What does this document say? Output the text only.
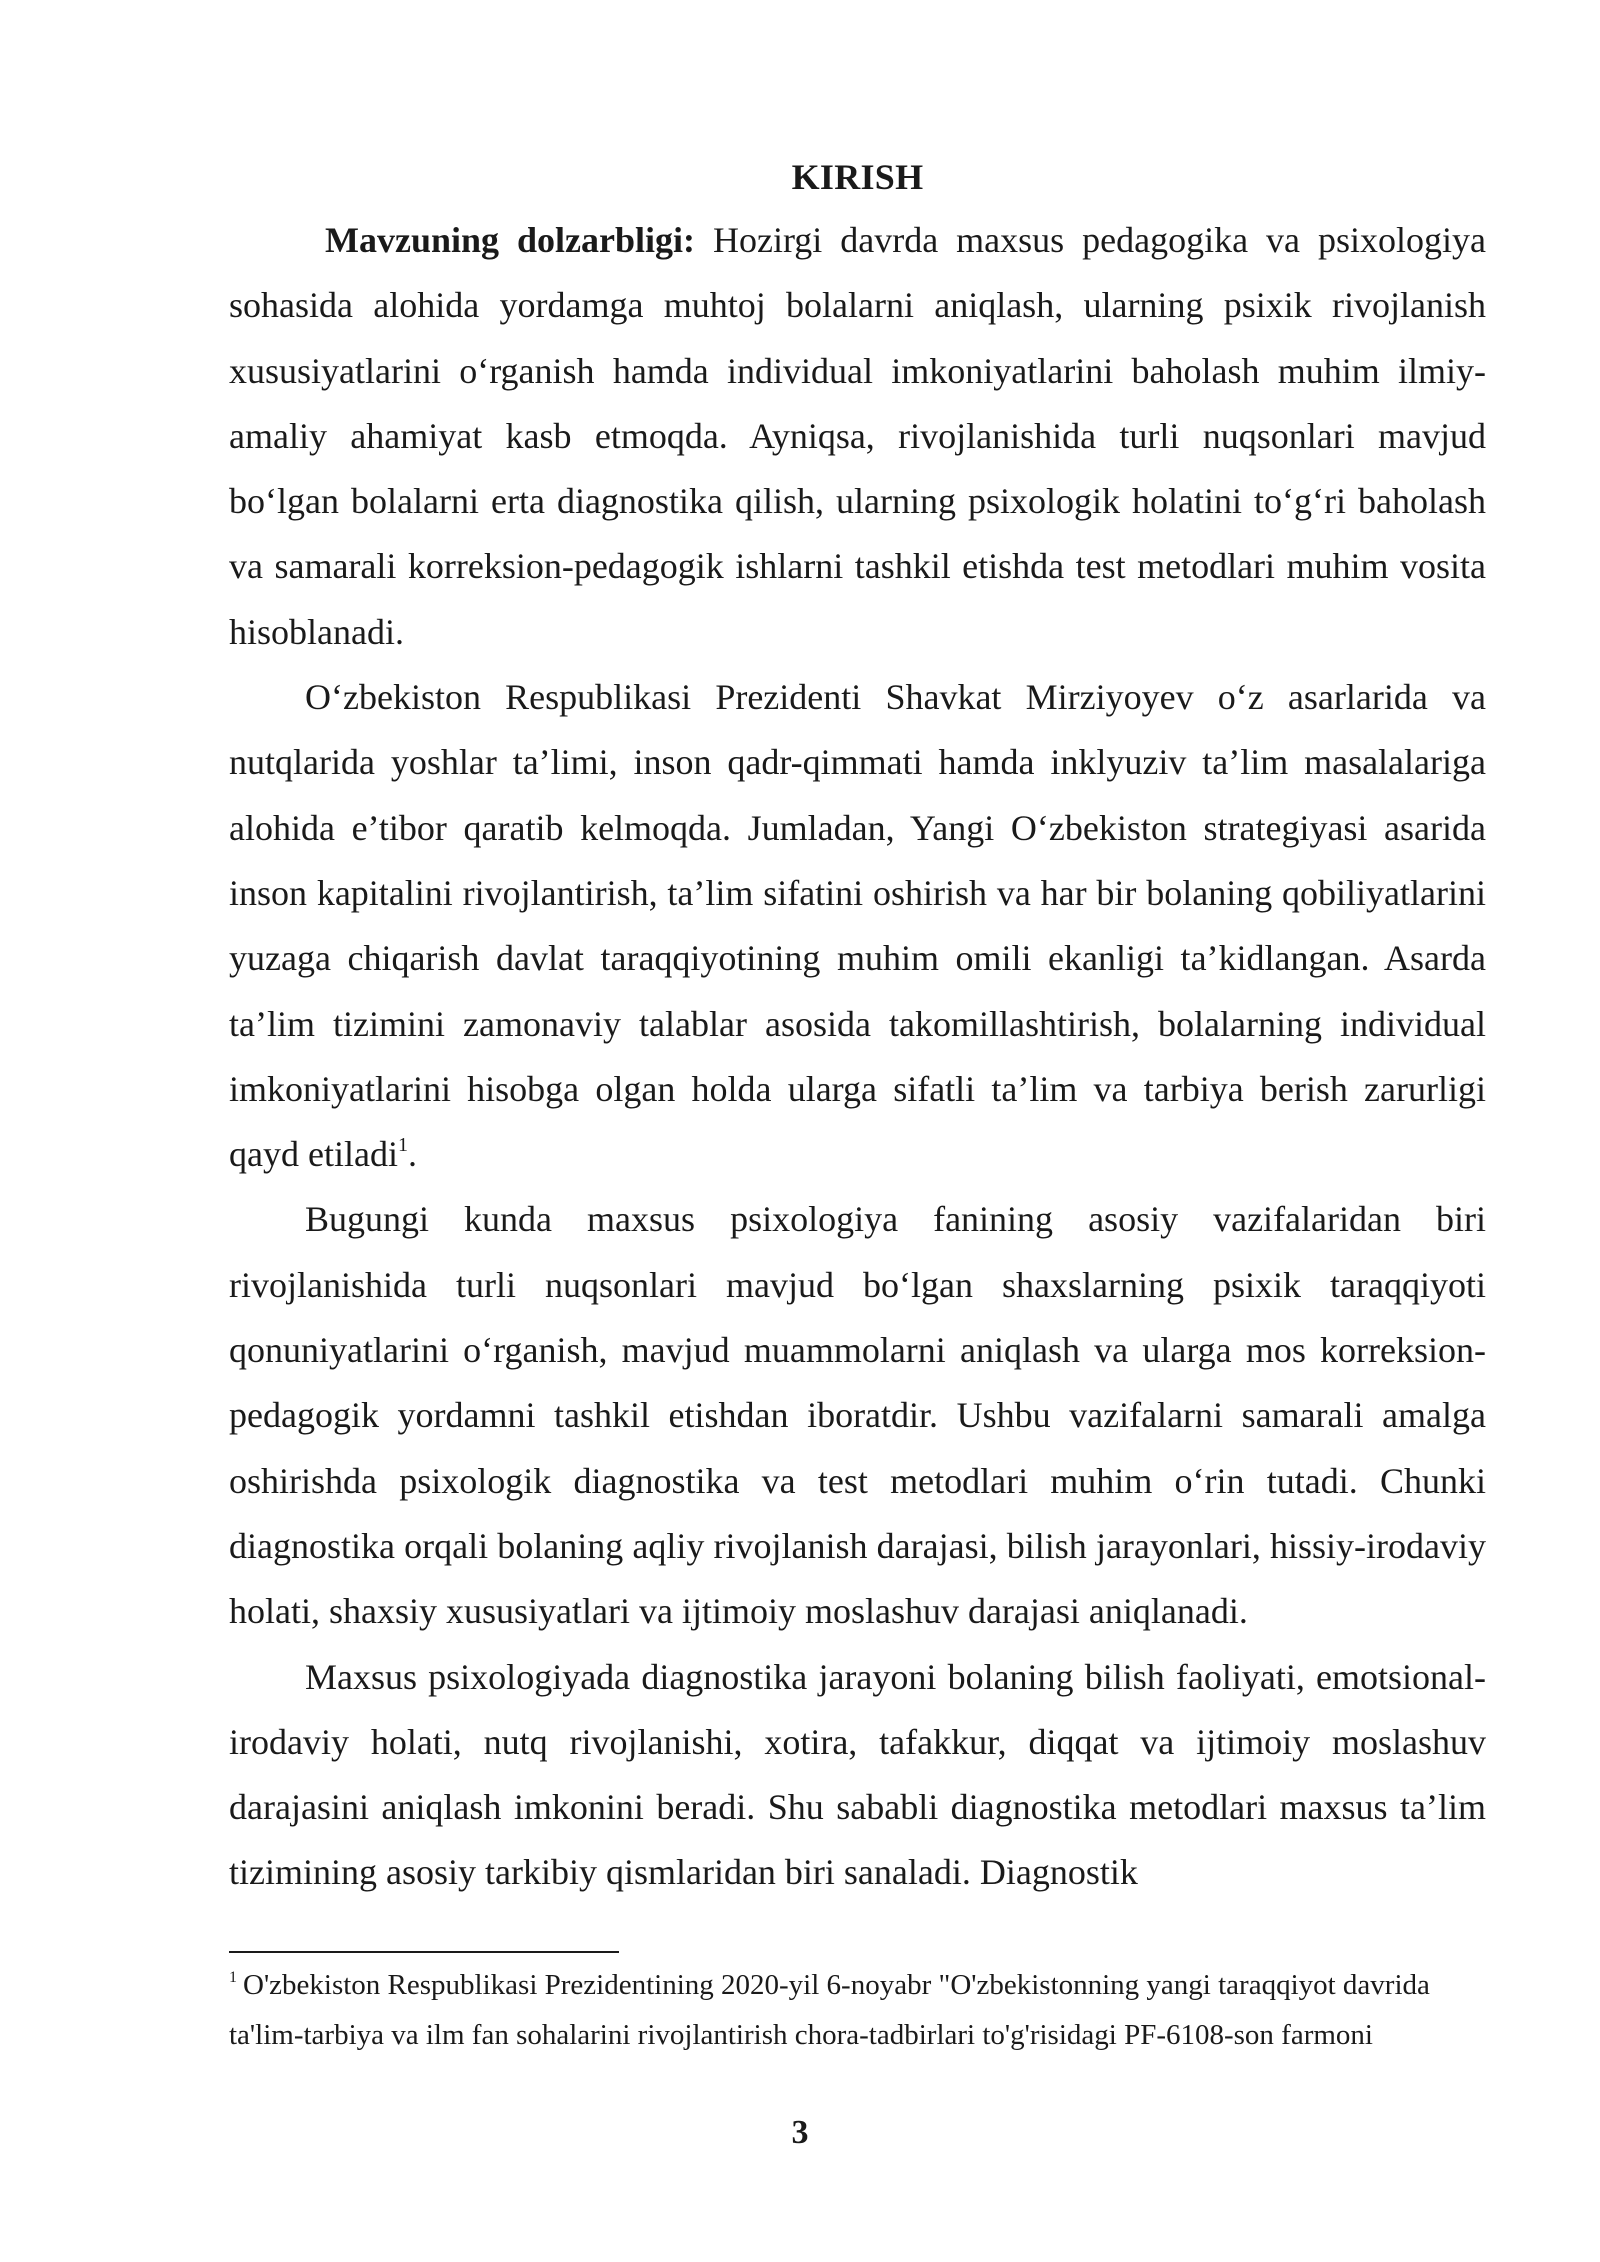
KIRISH

Mavzuning dolzarbligi: Hozirgi davrda maxsus pedagogika va psixologiya sohasida alohida yordamga muhtoj bolalarni aniqlash, ularning psixik rivojlanish xususiyatlarini o‘rganish hamda individual imkoniyatlarini baholash muhim ilmiy-amaliy ahamiyat kasb etmoqda. Ayniqsa, rivojlanishida turli nuqsonlari mavjud bo‘lgan bolalarni erta diagnostika qilish, ularning psixologik holatini to‘g‘ri baholash va samarali korreksion-pedagogik ishlarni tashkil etishda test metodlari muhim vosita hisoblanadi.

O‘zbekiston Respublikasi Prezidenti Shavkat Mirziyoyev o‘z asarlarida va nutqlarida yoshlar ta’limi, inson qadr-qimmati hamda inklyuziv ta’lim masalalariga alohida e’tibor qaratib kelmoqda. Jumladan, Yangi O‘zbekiston strategiyasi asarida inson kapitalini rivojlantirish, ta’lim sifatini oshirish va har bir bolaning qobiliyatlarini yuzaga chiqarish davlat taraqqiyotining muhim omili ekanligi ta’kidlangan. Asarda ta’lim tizimini zamonaviy talablar asosida takomillashtirish, bolalarning individual imkoniyatlarini hisobga olgan holda ularga sifatli ta’lim va tarbiya berish zarurligi qayd etiladi$^1$.

Bugungi kunda maxsus psixologiya fanining asosiy vazifalaridan biri rivojlanishida turli nuqsonlari mavjud bo‘lgan shaxslarning psixik taraqqiyoti qonuniyatlarini o‘rganish, mavjud muammolarni aniqlash va ularga mos korreksion-pedagogik yordamni tashkil etishdan iboratdir. Ushbu vazifalarni samarali amalga oshirishda psixologik diagnostika va test metodlari muhim o‘rin tutadi. Chunki diagnostika orqali bolaning aqliy rivojlanish darajasi, bilish jarayonlari, hissiy-irodaviy holati, shaxsiy xususiyatlari va ijtimoiy moslashuv darajasi aniqlanadi.

Maxsus psixologiyada diagnostika jarayoni bolaning bilish faoliyati, emotsional-irodaviy holati, nutq rivojlanishi, xotira, tafakkur, diqqat va ijtimoiy moslashuv darajasini aniqlash imkonini beradi. Shu sababli diagnostika metodlari maxsus ta’lim tizimining asosiy tarkibiy qismlaridan biri sanaladi. Diagnostik

$^1$ O'zbekiston Respublikasi Prezidentining 2020-yil 6-noyabr "O'zbekistonning yangi taraqqiyot davrida ta'lim-tarbiya va ilm fan sohalarini rivojlantirish chora-tadbirlari to'g'risidagi PF-6108-son farmoni

3
